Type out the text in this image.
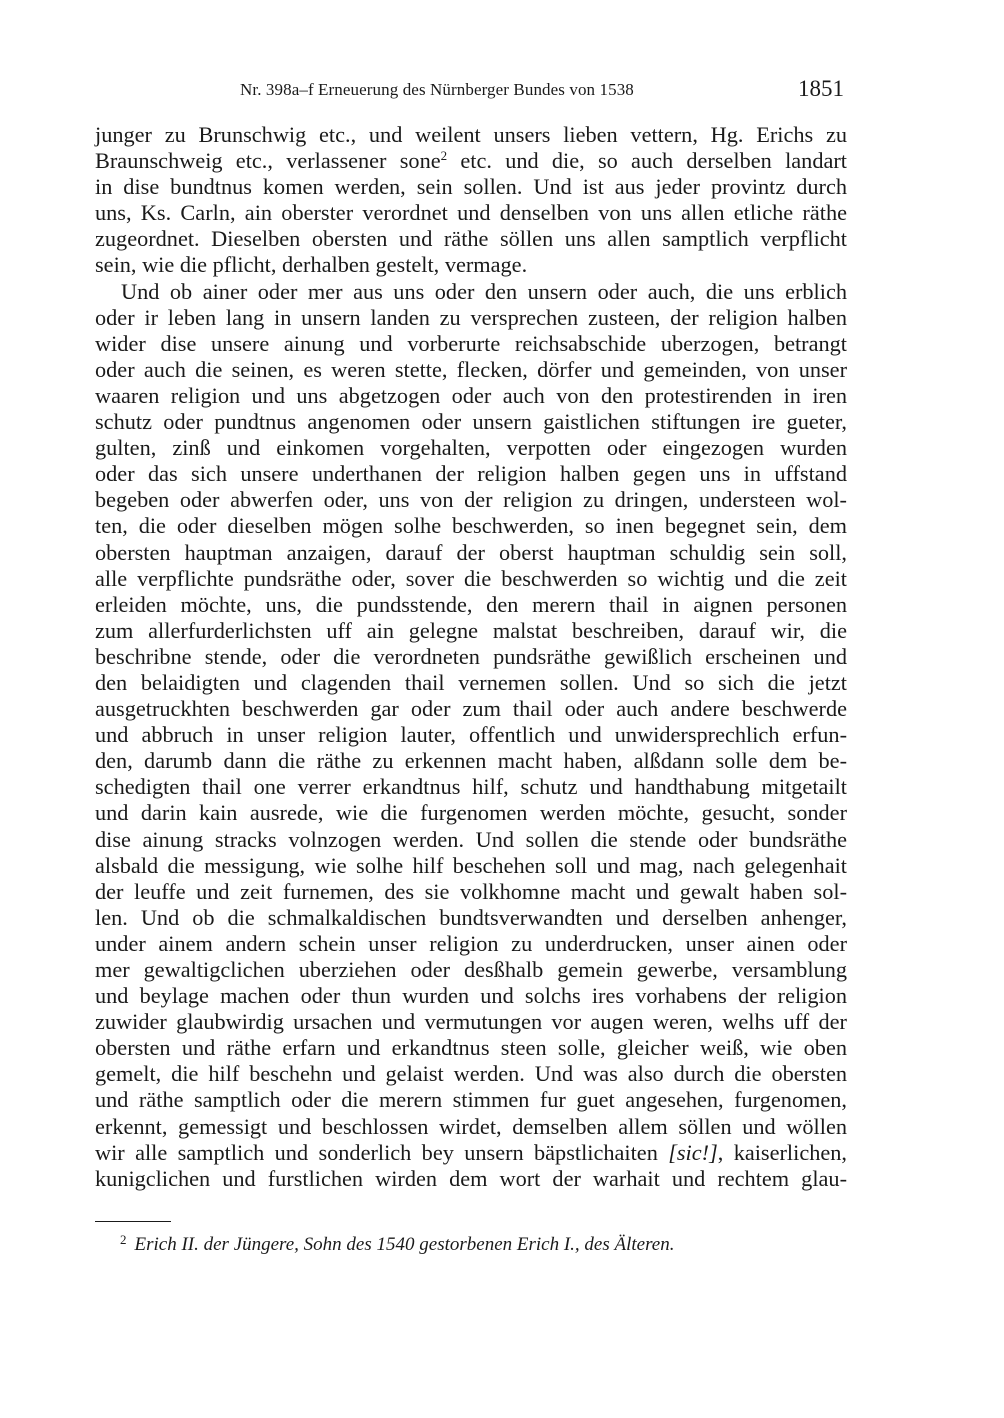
Nr. 398a–f Erneuerung des Nürnberger Bundes von 1538	1851
junger zu Brunschwig etc., und weilent unsers lieben vettern, Hg. Erichs zu
Braunschweig etc., verlassener sone$^2$ etc. und die, so auch derselben landart
in dise bundtnus komen werden, sein sollen. Und ist aus jeder provintz durch
uns, Ks. Carln, ain oberster verordnet und denselben von uns allen etliche räthe
zugeordnet. Dieselben obersten und räthe söllen uns allen samptlich verpflicht
sein, wie die pflicht, derhalben gestelt, vermage.
Und ob ainer oder mer aus uns oder den unsern oder auch, die uns erblich
oder ir leben lang in unsern landen zu versprechen zusteen, der religion halben
wider dise unsere ainung und vorberurte reichsabschide uberzogen, betrangt
oder auch die seinen, es weren stette, flecken, dörfer und gemeinden, von unser
waaren religion und uns abgetzogen oder auch von den protestirenden in iren
schutz oder pundtnus angenomen oder unsern gaistlichen stiftungen ire gueter,
gulten, zinß und einkomen vorgehalten, verpotten oder eingezogen wurden
oder das sich unsere underthanen der religion halben gegen uns in uffstand
begeben oder abwerfen oder, uns von der religion zu dringen, understeen wol-
ten, die oder dieselben mögen solhe beschwerden, so inen begegnet sein, dem
obersten hauptman anzaigen, darauf der oberst hauptman schuldig sein soll,
alle verpflichte pundsräthe oder, sover die beschwerden so wichtig und die zeit
erleiden möchte, uns, die pundsstende, den merern thail in aignen personen
zum allerfurderlichsten uff ain gelegne malstat beschreiben, darauf wir, die
beschribne stende, oder die verordneten pundsräthe gewißlich erscheinen und
den belaidigten und clagenden thail vernemen sollen. Und so sich die jetzt
ausgetruckhten beschwerden gar oder zum thail oder auch andere beschwerde
und abbruch in unser religion lauter, offentlich und unwidersprechlich erfun-
den, darumb dann die räthe zu erkennen macht haben, alßdann solle dem be-
schedigten thail one verrer erkandtnus hilf, schutz und handthabung mitgetailt
und darin kain ausrede, wie die furgenomen werden möchte, gesucht, sonder
dise ainung stracks volnzogen werden. Und sollen die stende oder bundsräthe
alsbald die messigung, wie solhe hilf beschehen soll und mag, nach gelegenhait
der leuffe und zeit furnemen, des sie volkhomne macht und gewalt haben sol-
len. Und ob die schmalkaldischen bundtsverwandten und derselben anhenger,
under ainem andern schein unser religion zu underdrucken, unser ainen oder
mer gewaltigclichen uberziehen oder desßhalb gemein gewerbe, versamblung
und beylage machen oder thun wurden und solchs ires vorhabens der religion
zuwider glaubwirdig ursachen und vermutungen vor augen weren, welhs uff der
obersten und räthe erfarn und erkandtnus steen solle, gleicher weiß, wie oben
gemelt, die hilf beschehn und gelaist werden. Und was also durch die obersten
und räthe samptlich oder die merern stimmen fur guet angesehen, furgenomen,
erkennt, gemessigt und beschlossen wirdet, demselben allem söllen und wöllen
wir alle samptlich und sonderlich bey unsern bäpstlichaiten [sic!], kaiserlichen,
kunigclichen und furstlichen wirden dem wort der warhait und rechtem glau-
$^2$ Erich II. der Jüngere, Sohn des 1540 gestorbenen Erich I., des Älteren.
